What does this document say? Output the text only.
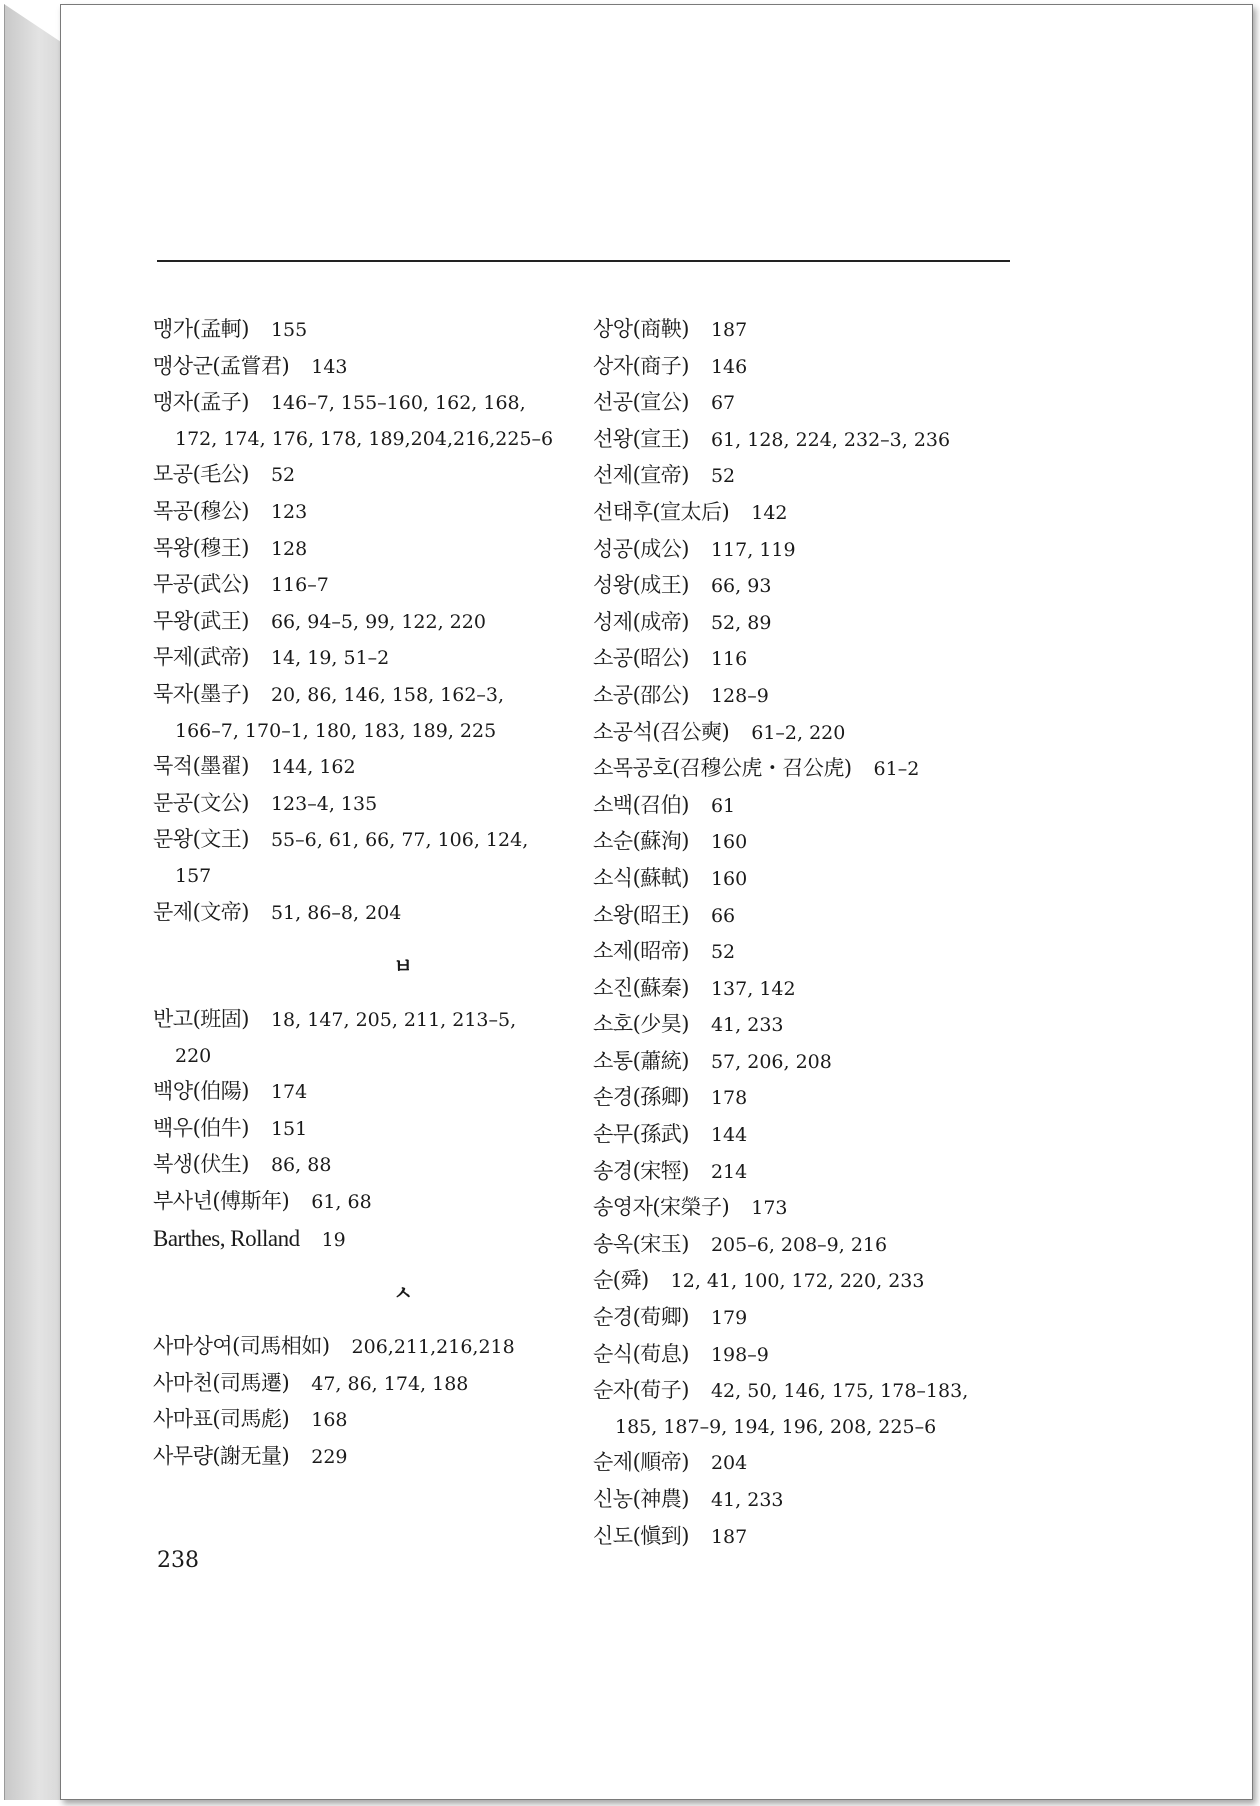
맹가(孟軻) 155
맹상군(孟嘗君) 143
맹자(孟子) 146–7, 155–160, 162, 168,
172, 174, 176, 178, 189,204,216,225–6
모공(毛公) 52
목공(穆公) 123
목왕(穆王) 128
무공(武公) 116–7
무왕(武王) 66, 94–5, 99, 122, 220
무제(武帝) 14, 19, 51–2
묵자(墨子) 20, 86, 146, 158, 162–3,
166–7, 170–1, 180, 183, 189, 225
묵적(墨翟) 144, 162
문공(文公) 123–4, 135
문왕(文王) 55–6, 61, 66, 77, 106, 124,
157
문제(文帝) 51, 86–8, 204
ㅂ
반고(班固) 18, 147, 205, 211, 213–5,
220
백양(伯陽) 174
백우(伯牛) 151
복생(伏生) 86, 88
부사년(傅斯年) 61, 68
Barthes, Rolland 19
ㅅ
사마상여(司馬相如) 206,211,216,218
사마천(司馬遷) 47, 86, 174, 188
사마표(司馬彪) 168
사무량(謝无量) 229
상앙(商鞅) 187
상자(商子) 146
선공(宣公) 67
선왕(宣王) 61, 128, 224, 232–3, 236
선제(宣帝) 52
선태후(宣太后) 142
성공(成公) 117, 119
성왕(成王) 66, 93
성제(成帝) 52, 89
소공(昭公) 116
소공(邵公) 128–9
소공석(召公奭) 61–2, 220
소목공호(召穆公虎・召公虎) 61–2
소백(召伯) 61
소순(蘇洵) 160
소식(蘇軾) 160
소왕(昭王) 66
소제(昭帝) 52
소진(蘇秦) 137, 142
소호(少昊) 41, 233
소통(蕭統) 57, 206, 208
손경(孫卿) 178
손무(孫武) 144
송경(宋牼) 214
송영자(宋榮子) 173
송옥(宋玉) 205–6, 208–9, 216
순(舜) 12, 41, 100, 172, 220, 233
순경(荀卿) 179
순식(荀息) 198–9
순자(荀子) 42, 50, 146, 175, 178–183,
185, 187–9, 194, 196, 208, 225–6
순제(順帝) 204
신농(神農) 41, 233
신도(愼到) 187
238
